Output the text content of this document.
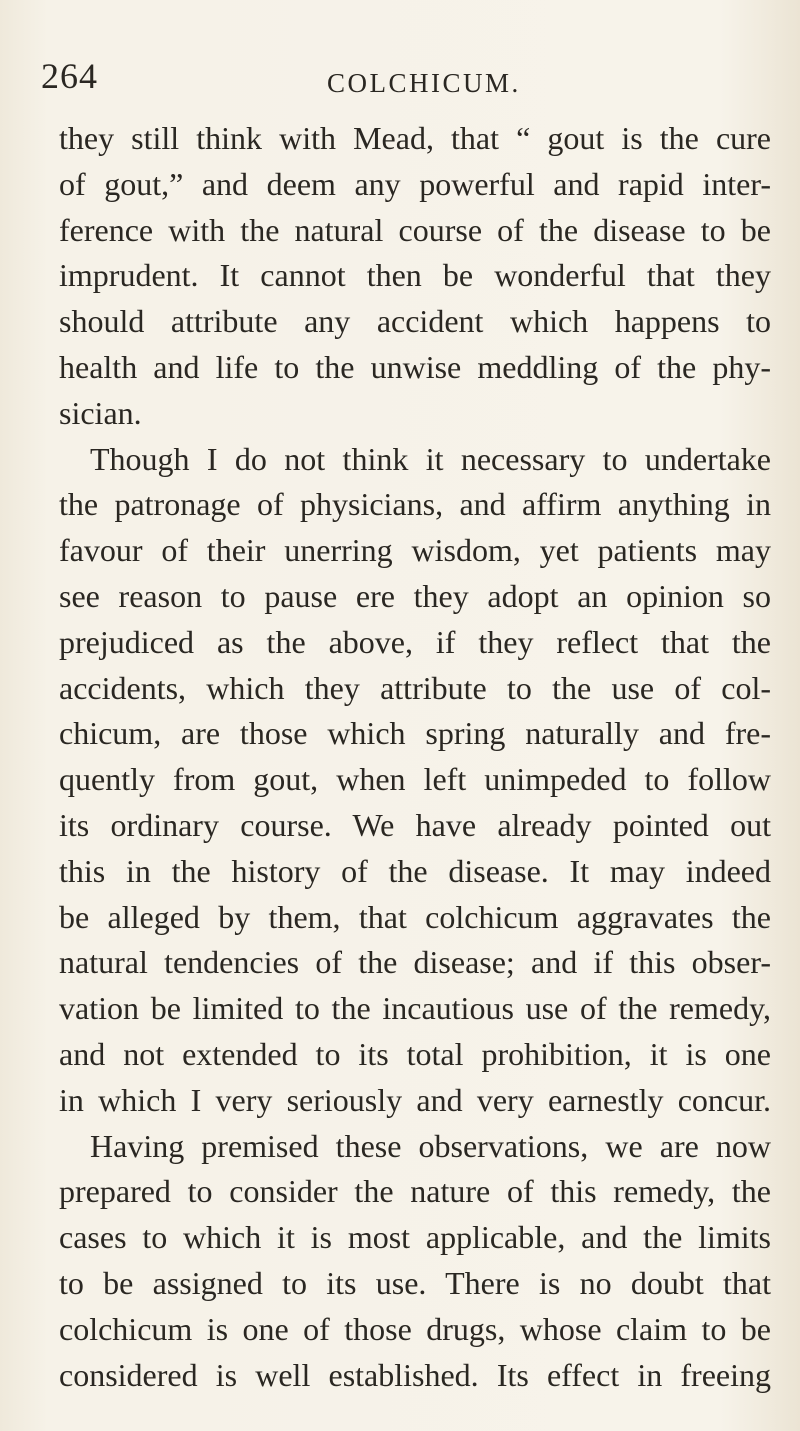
264	COLCHICUM.
they still think with Mead, that “ gout is the cure
of gout,” and deem any powerful and rapid inter-
ference with the natural course of the disease to be
imprudent. It cannot then be wonderful that they
should attribute any accident which happens to
health and life to the unwise meddling of the phy-
sician.
Though I do not think it necessary to undertake
the patronage of physicians, and affirm anything in
favour of their unerring wisdom, yet patients may
see reason to pause ere they adopt an opinion so
prejudiced as the above, if they reflect that the
accidents, which they attribute to the use of col-
chicum, are those which spring naturally and fre-
quently from gout, when left unimpeded to follow
its ordinary course. We have already pointed out
this in the history of the disease. It may indeed
be alleged by them, that colchicum aggravates the
natural tendencies of the disease; and if this obser-
vation be limited to the incautious use of the remedy,
and not extended to its total prohibition, it is one
in which I very seriously and very earnestly concur.
Having premised these observations, we are now
prepared to consider the nature of this remedy, the
cases to which it is most applicable, and the limits
to be assigned to its use. There is no doubt that
colchicum is one of those drugs, whose claim to be
considered is well established. Its effect in freeing
